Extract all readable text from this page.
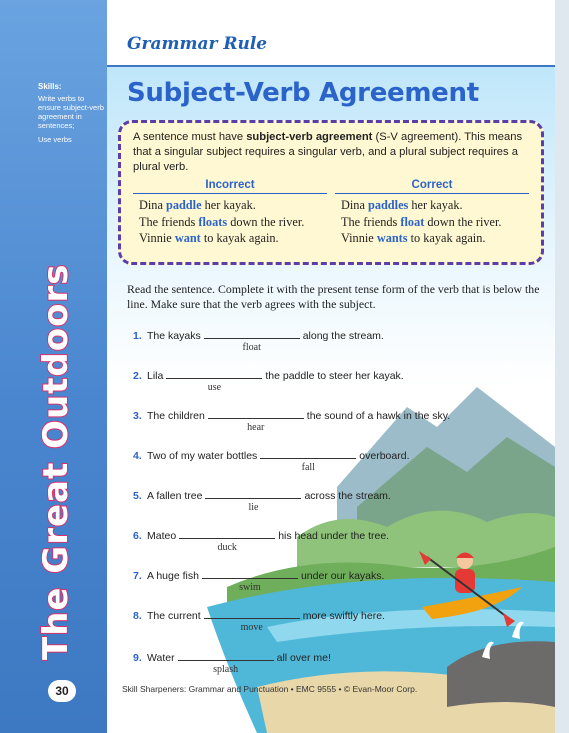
Skills:
Write verbs to ensure subject-verb agreement in sentences;
Use verbs
The Great Outdoors
30
Grammar Rule
Subject-Verb Agreement
A sentence must have subject-verb agreement (S-V agreement). This means that a singular subject requires a singular verb, and a plural subject requires a plural verb.
Incorrect
Dina paddle her kayak.
The friends floats down the river.
Vinnie want to kayak again.
Correct
Dina paddles her kayak.
The friends float down the river.
Vinnie wants to kayak again.
Read the sentence. Complete it with the present tense form of the verb that is below the line. Make sure that the verb agrees with the subject.
1. The kayaks
float
along the stream.
2. Lila
use
the paddle to steer her kayak.
3. The children
hear
the sound of a hawk in the sky.
4. Two of my water bottles
fall
overboard.
5. A fallen tree
lie
across the stream.
6. Mateo
duck
his head under the tree.
7. A huge fish
swim
under our kayaks.
8. The current
move
more swiftly here.
9. Water
splash
all over me!
Skill Sharpeners: Grammar and Punctuation • EMC 9555 • © Evan-Moor Corp.
